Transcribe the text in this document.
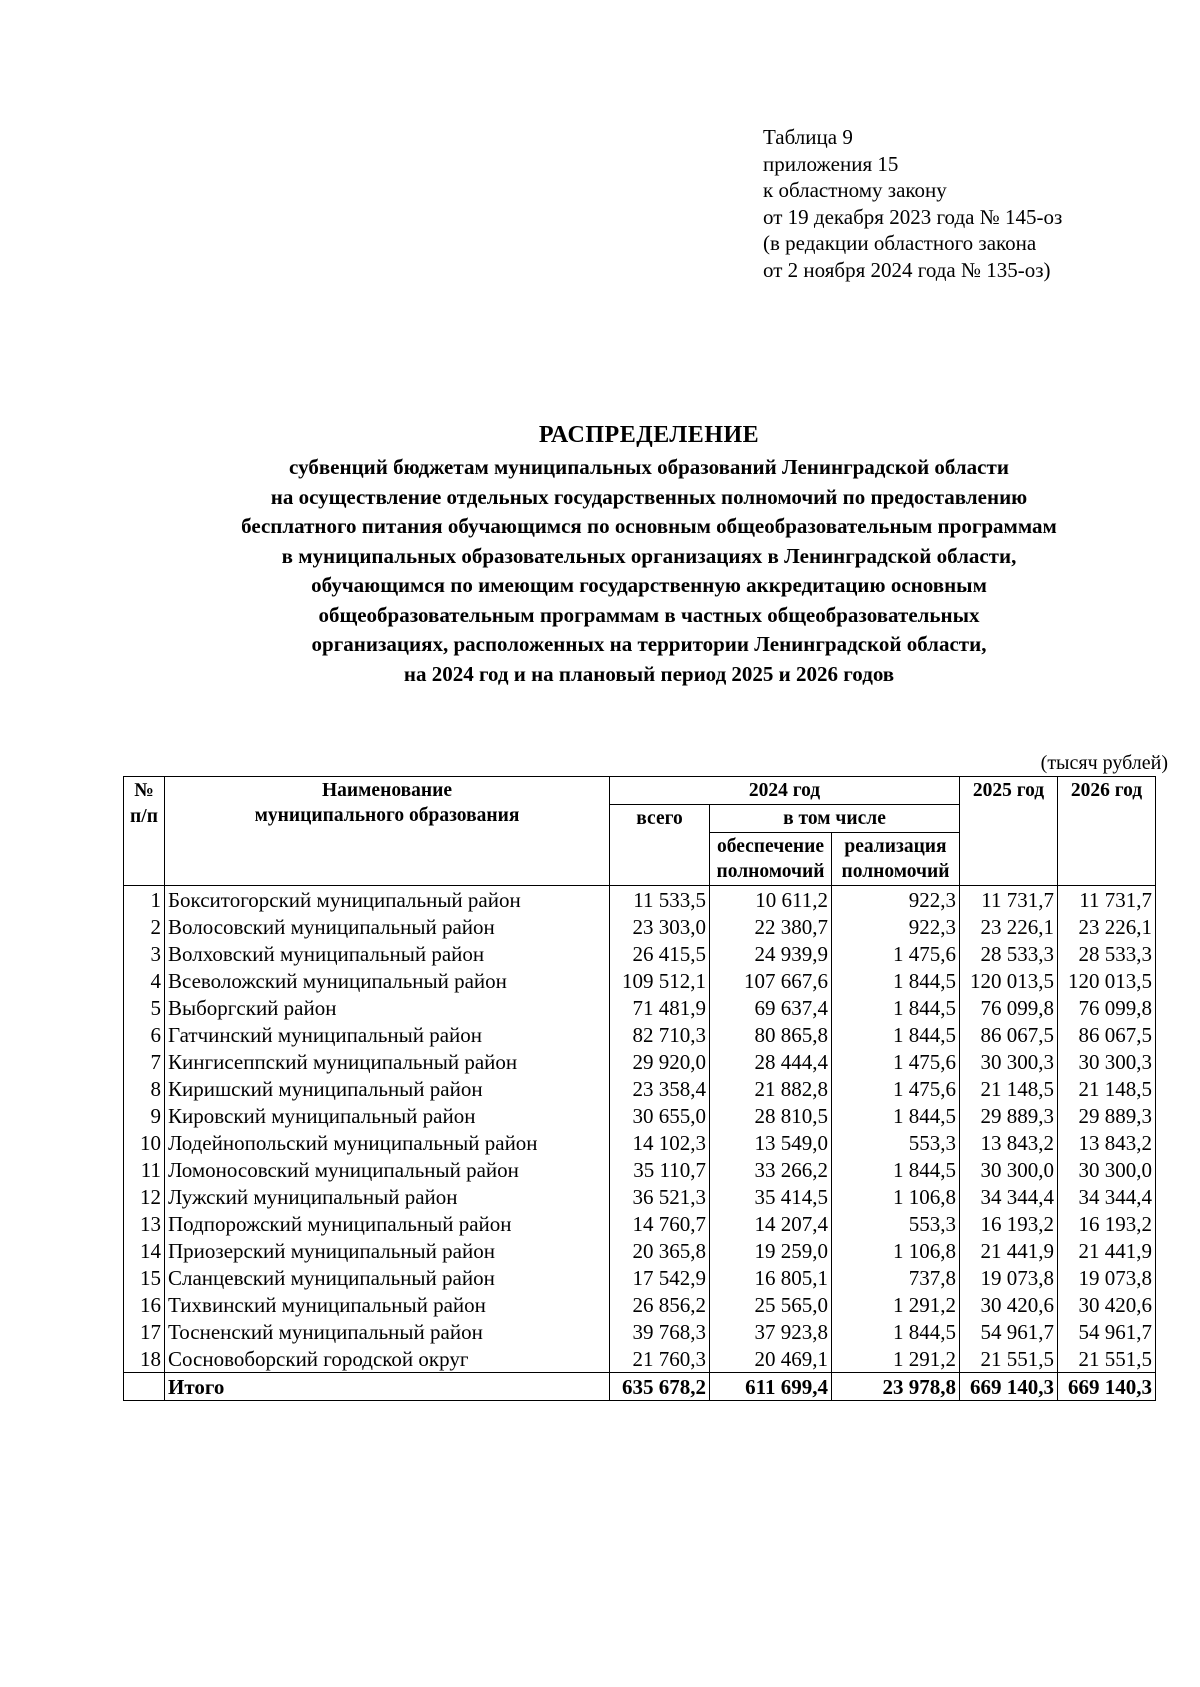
Таблица 9
приложения 15
к областному закону
от 19 декабря 2023 года № 145-оз
(в редакции областного закона
от 2 ноября 2024 года № 135-оз)
РАСПРЕДЕЛЕНИЕ
субвенций бюджетам муниципальных образований Ленинградской области
на осуществление отдельных государственных полномочий по предоставлению
бесплатного питания обучающимся по основным общеобразовательным программам
в муниципальных образовательных организациях в Ленинградской области,
обучающимся по имеющим государственную аккредитацию основным
общеобразовательным программам в частных общеобразовательных
организациях, расположенных на территории Ленинградской области,
на 2024 год и на плановый период 2025 и 2026 годов
(тысяч рублей)
№ п/п	Наименование
муниципального образования	2024 год			2025 год	2026 год
		всего	в том числе			
			обеспечение полномочий	реализация полномочий		
1	Бокситогорский муниципальный район	11 533,5	10 611,2	922,3	11 731,7	11 731,7
2	Волосовский муниципальный район	23 303,0	22 380,7	922,3	23 226,1	23 226,1
3	Волховский муниципальный район	26 415,5	24 939,9	1 475,6	28 533,3	28 533,3
4	Всеволожский муниципальный район	109 512,1	107 667,6	1 844,5	120 013,5	120 013,5
5	Выборгский район	71 481,9	69 637,4	1 844,5	76 099,8	76 099,8
6	Гатчинский муниципальный район	82 710,3	80 865,8	1 844,5	86 067,5	86 067,5
7	Кингисеппский муниципальный район	29 920,0	28 444,4	1 475,6	30 300,3	30 300,3
8	Киришский муниципальный район	23 358,4	21 882,8	1 475,6	21 148,5	21 148,5
9	Кировский муниципальный район	30 655,0	28 810,5	1 844,5	29 889,3	29 889,3
10	Лодейнопольский муниципальный район	14 102,3	13 549,0	553,3	13 843,2	13 843,2
11	Ломоносовский муниципальный район	35 110,7	33 266,2	1 844,5	30 300,0	30 300,0
12	Лужский муниципальный район	36 521,3	35 414,5	1 106,8	34 344,4	34 344,4
13	Подпорожский муниципальный район	14 760,7	14 207,4	553,3	16 193,2	16 193,2
14	Приозерский муниципальный район	20 365,8	19 259,0	1 106,8	21 441,9	21 441,9
15	Сланцевский муниципальный район	17 542,9	16 805,1	737,8	19 073,8	19 073,8
16	Тихвинский муниципальный район	26 856,2	25 565,0	1 291,2	30 420,6	30 420,6
17	Тосненский муниципальный район	39 768,3	37 923,8	1 844,5	54 961,7	54 961,7
18	Сосновоборский городской округ	21 760,3	20 469,1	1 291,2	21 551,5	21 551,5
	Итого	635 678,2	611 699,4	23 978,8	669 140,3	669 140,3
